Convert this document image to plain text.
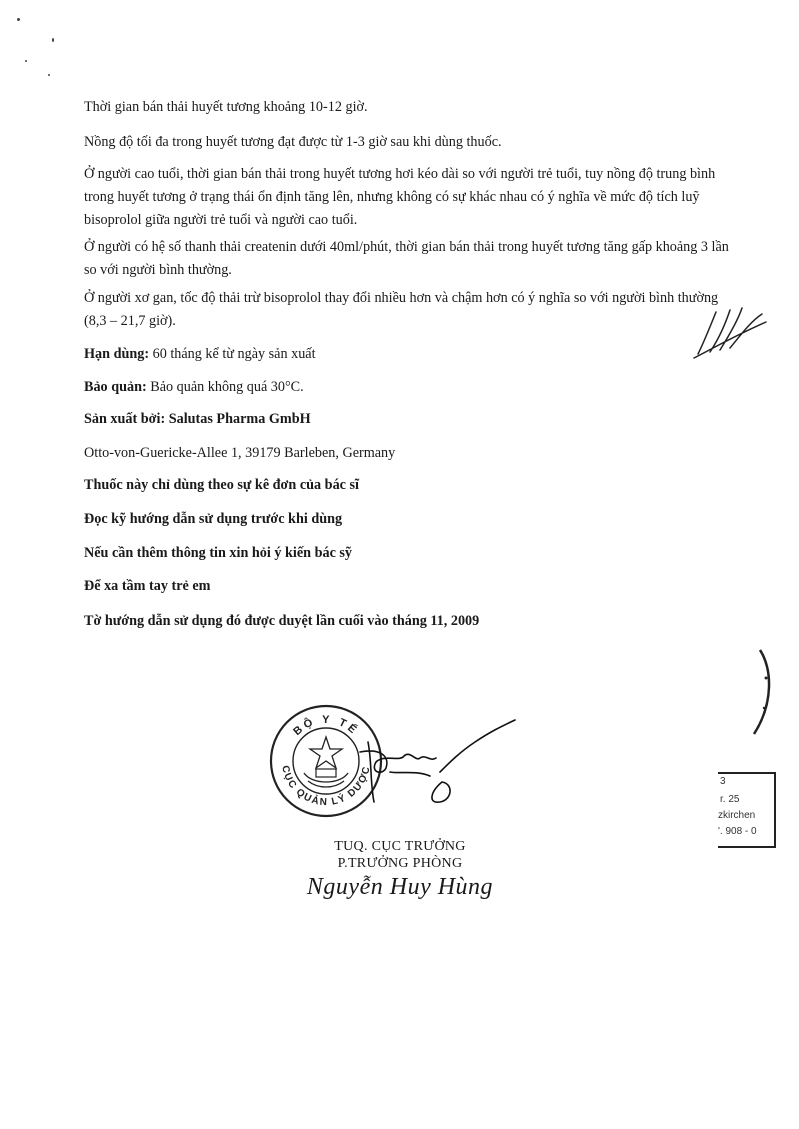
Thời gian bán thải huyết tương khoảng 10-12 giờ.

Nồng độ tối đa trong huyết tương đạt được từ 1-3 giờ sau khi dùng thuốc.

Ở người cao tuổi, thời gian bán thải trong huyết tương hơi kéo dài so với người trẻ tuổi, tuy nồng độ trung bình trong huyết tương ở trạng thái ổn định tăng lên, nhưng không có sự khác nhau có ý nghĩa về mức độ tích luỹ bisoprolol giữa người trẻ tuổi và người cao tuổi.

Ở người có hệ số thanh thải createnin dưới 40ml/phút, thời gian bán thải trong huyết tương tăng gấp khoảng 3 lần so với người bình thường.

Ở người xơ gan, tốc độ thải trừ bisoprolol thay đổi nhiều hơn và chậm hơn có ý nghĩa so với người bình thường (8,3 – 21,7 giờ).

Hạn dùng: 60 tháng kể từ ngày sản xuất

Bảo quản: Bảo quản không quá 30°C.

Sản xuất bởi: Salutas Pharma GmbH

Otto-von-Guericke-Allee 1, 39179 Barleben, Germany

Thuốc này chỉ dùng theo sự kê đơn của bác sĩ

Đọc kỹ hướng dẫn sử dụng trước khi dùng

Nếu cần thêm thông tin xin hỏi ý kiến bác sỹ

Để xa tầm tay trẻ em

Tờ hướng dẫn sử dụng đó được duyệt lần cuối vào tháng 11, 2009

3
r. 25
zkirchen
'. 908 - 0
BỘ Y TẾ
CỤC QUẢN LÝ DƯỢC
TUQ. CỤC TRƯỞNG
P.TRƯỞNG PHÒNG
Nguyễn Huy Hùng
